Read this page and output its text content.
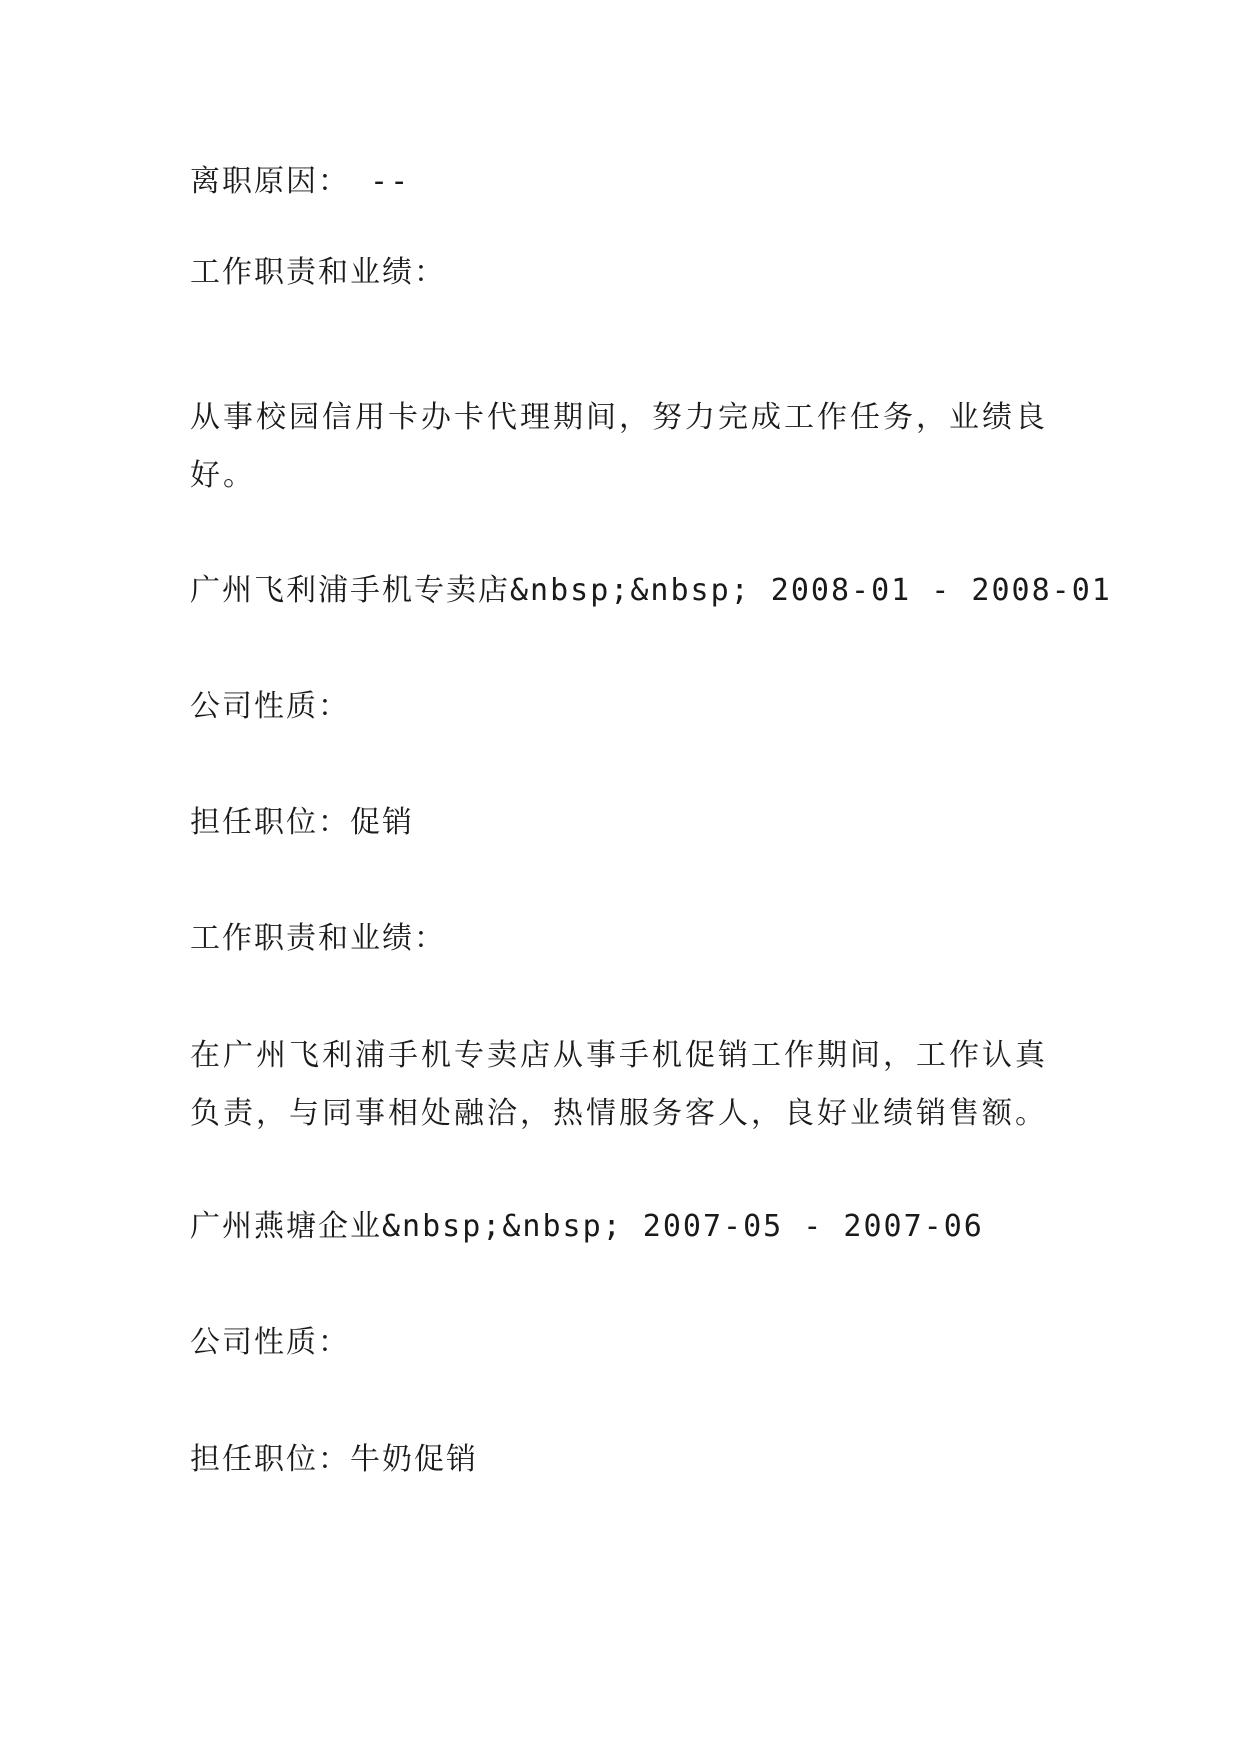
离职原因： --
工作职责和业绩：
从事校园信用卡办卡代理期间，努力完成工作任务，业绩良好。
广州飞利浦手机专卖店&nbsp;&nbsp; 2008-01 - 2008-01
公司性质：
担任职位：促销
工作职责和业绩：
在广州飞利浦手机专卖店从事手机促销工作期间，工作认真负责，与同事相处融洽，热情服务客人，良好业绩销售额。
广州燕塘企业&nbsp;&nbsp; 2007-05 - 2007-06
公司性质：
担任职位：牛奶促销
